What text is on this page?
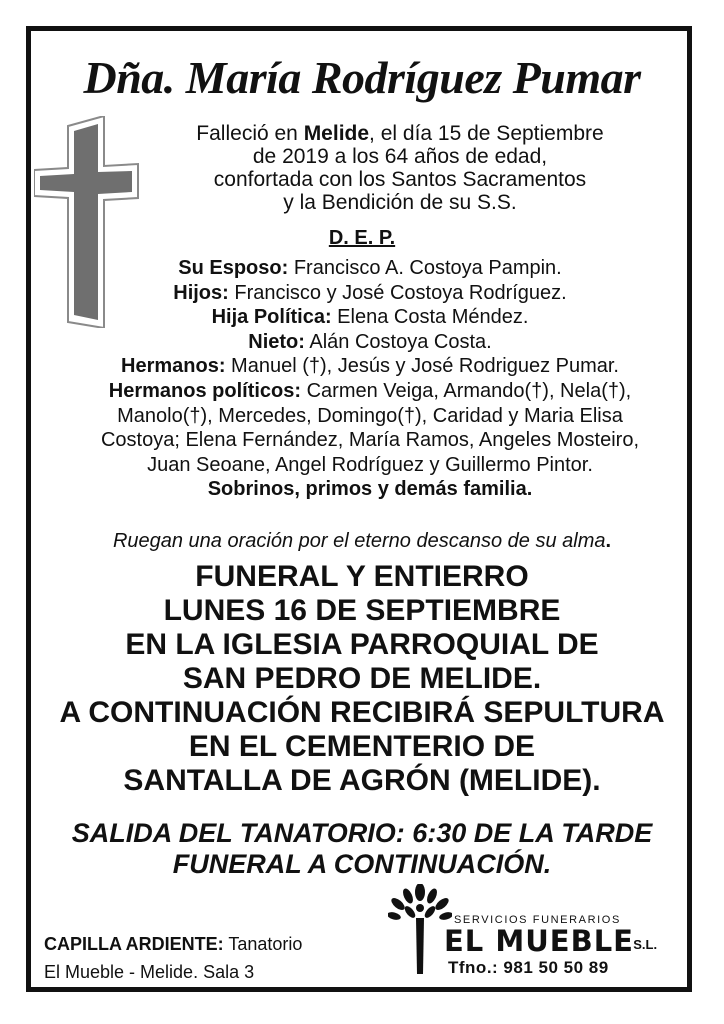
Dña. María Rodríguez Pumar
Falleció en Melide, el día 15 de Septiembre
de 2019 a los 64 años de edad,
confortada con los Santos Sacramentos
y la Bendición de su S.S.
D. E. P.
Su Esposo: Francisco A. Costoya Pampin.
Hijos: Francisco y José Costoya Rodríguez.
Hija Política: Elena Costa Méndez.
Nieto: Alán Costoya Costa.
Hermanos: Manuel (†), Jesús y José Rodriguez Pumar.
Hermanos políticos: Carmen Veiga, Armando(†), Nela(†),
Manolo(†), Mercedes, Domingo(†), Caridad y Maria Elisa
Costoya; Elena Fernández, María Ramos, Angeles Mosteiro,
Juan Seoane, Angel Rodríguez y Guillermo Pintor.
Sobrinos, primos y demás familia.
Ruegan una oración por el eterno descanso de su alma.
FUNERAL Y ENTIERRO
LUNES 16 DE SEPTIEMBRE
EN LA IGLESIA PARROQUIAL DE
SAN PEDRO DE MELIDE.
A CONTINUACIÓN RECIBIRÁ SEPULTURA
EN EL CEMENTERIO DE
SANTALLA DE AGRÓN (MELIDE).
SALIDA DEL TANATORIO: 6:30 DE LA TARDE
FUNERAL A CONTINUACIÓN.
CAPILLA ARDIENTE: Tanatorio
El Mueble - Melide. Sala 3
SERVICIOS FUNERARIOS
EL MUEBLE
, S.L.
Tfno.: 981 50 50 89
